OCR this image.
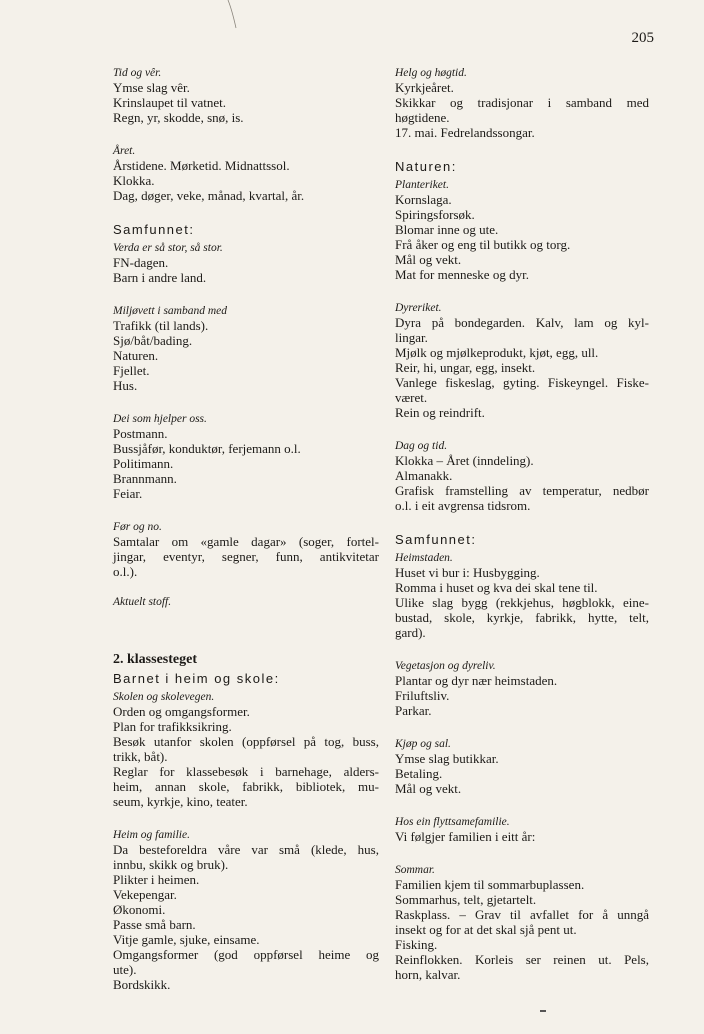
205

Tid og vêr.

Ymse slag vêr.

Krinslaupet til vatnet.

Regn, yr, skodde, snø, is.

Året.

Årstidene. Mørketid. Midnattssol.

Klokka.

Dag, døger, veke, månad, kvartal, år.

Samfunnet:

Verda er så stor, så stor.

FN-dagen.

Barn i andre land.

Miljøvett i samband med

Trafikk (til lands).

Sjø/båt/bading.

Naturen.

Fjellet.

Hus.

Dei som hjelper oss.

Postmann.

Bussjåfør, konduktør, ferjemann o.l.

Politimann.

Brannmann.

Feiar.

Før og no.

Samtalar om «gamle dagar» (soger, fortel-

jingar, eventyr, segner, funn, antikvitetar

o.l.).

Aktuelt stoff.

2. klassesteget

Barnet i heim og skole:

Skolen og skolevegen.

Orden og omgangsformer.

Plan for trafikksikring.

Besøk utanfor skolen (oppførsel på tog, buss,

trikk, båt).

Reglar for klassebesøk i barnehage, alders-

heim, annan skole, fabrikk, bibliotek, mu-

seum, kyrkje, kino, teater.

Heim og familie.

Da besteforeldra våre var små (klede, hus,

innbu, skikk og bruk).

Plikter i heimen.

Vekepengar.

Økonomi.

Passe små barn.

Vitje gamle, sjuke, einsame.

Omgangsformer (god oppførsel heime og

ute).

Bordskikk.

Helg og høgtid.

Kyrkjeåret.

Skikkar og tradisjonar i samband med

høgtidene.

17. mai. Fedrelandssongar.

Naturen:

Planteriket.

Kornslaga.

Spiringsforsøk.

Blomar inne og ute.

Frå åker og eng til butikk og torg.

Mål og vekt.

Mat for menneske og dyr.

Dyreriket.

Dyra på bondegarden. Kalv, lam og kyl-

lingar.

Mjølk og mjølkeprodukt, kjøt, egg, ull.

Reir, hi, ungar, egg, insekt.

Vanlege fiskeslag, gyting. Fiskeyngel. Fiske-

været.

Rein og reindrift.

Dag og tid.

Klokka – Året (inndeling).

Almanakk.

Grafisk framstelling av temperatur, nedbør

o.l. i eit avgrensa tidsrom.

Samfunnet:

Heimstaden.

Huset vi bur i: Husbygging.

Romma i huset og kva dei skal tene til.

Ulike slag bygg (rekkjehus, høgblokk, eine-

bustad, skole, kyrkje, fabrikk, hytte, telt,

gard).

Vegetasjon og dyreliv.

Plantar og dyr nær heimstaden.

Friluftsliv.

Parkar.

Kjøp og sal.

Ymse slag butikkar.

Betaling.

Mål og vekt.

Hos ein flyttsamefamilie.

Vi følgjer familien i eitt år:

Sommar.

Familien kjem til sommarbuplassen.

Sommarhus, telt, gjetartelt.

Raskplass. – Grav til avfallet for å unngå

insekt og for at det skal sjå pent ut.

Fisking.

Reinflokken. Korleis ser reinen ut. Pels,

horn, kalvar.
